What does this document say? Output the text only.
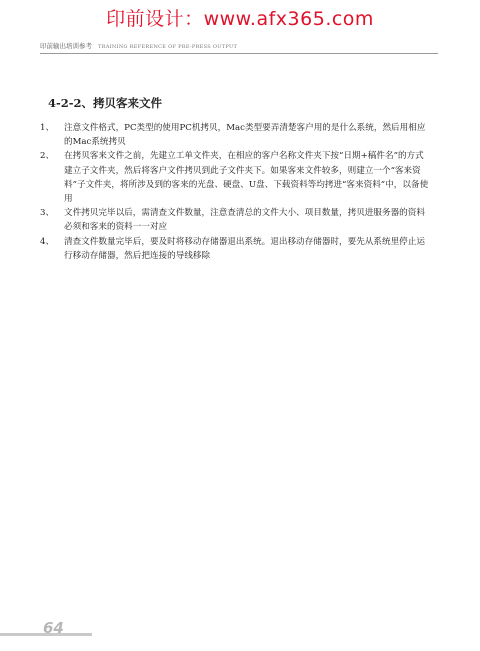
印前设计：www.afx365.com
印前输出培训参考 TRAINING REFERENCE OF PRE-PRESS OUTPUT
4-2-2、拷贝客来文件
1、 注意文件格式，PC类型的使用PC机拷贝，Mac类型要弄清楚客户用的是什么系统，然后用相应的Mac系统拷贝
2、 在拷贝客来文件之前，先建立工单文件夹，在相应的客户名称文件夹下按“日期+稿件名”的方式建立子文件夹，然后将客户文件拷贝到此子文件夹下。如果客来文件较多，则建立一个“客来资料”子文件夹，将所涉及到的客来的光盘、硬盘、U盘、下载资料等均拷进“客来资料”中，以备使用
3、 文件拷贝完毕以后，需清查文件数量，注意查清总的文件大小、项目数量，拷贝进服务器的资料必须和客来的资料一一对应
4、 清查文件数量完毕后，要及时将移动存储器退出系统。退出移动存储器时，要先从系统里停止运行移动存储器，然后把连接的导线移除
64
